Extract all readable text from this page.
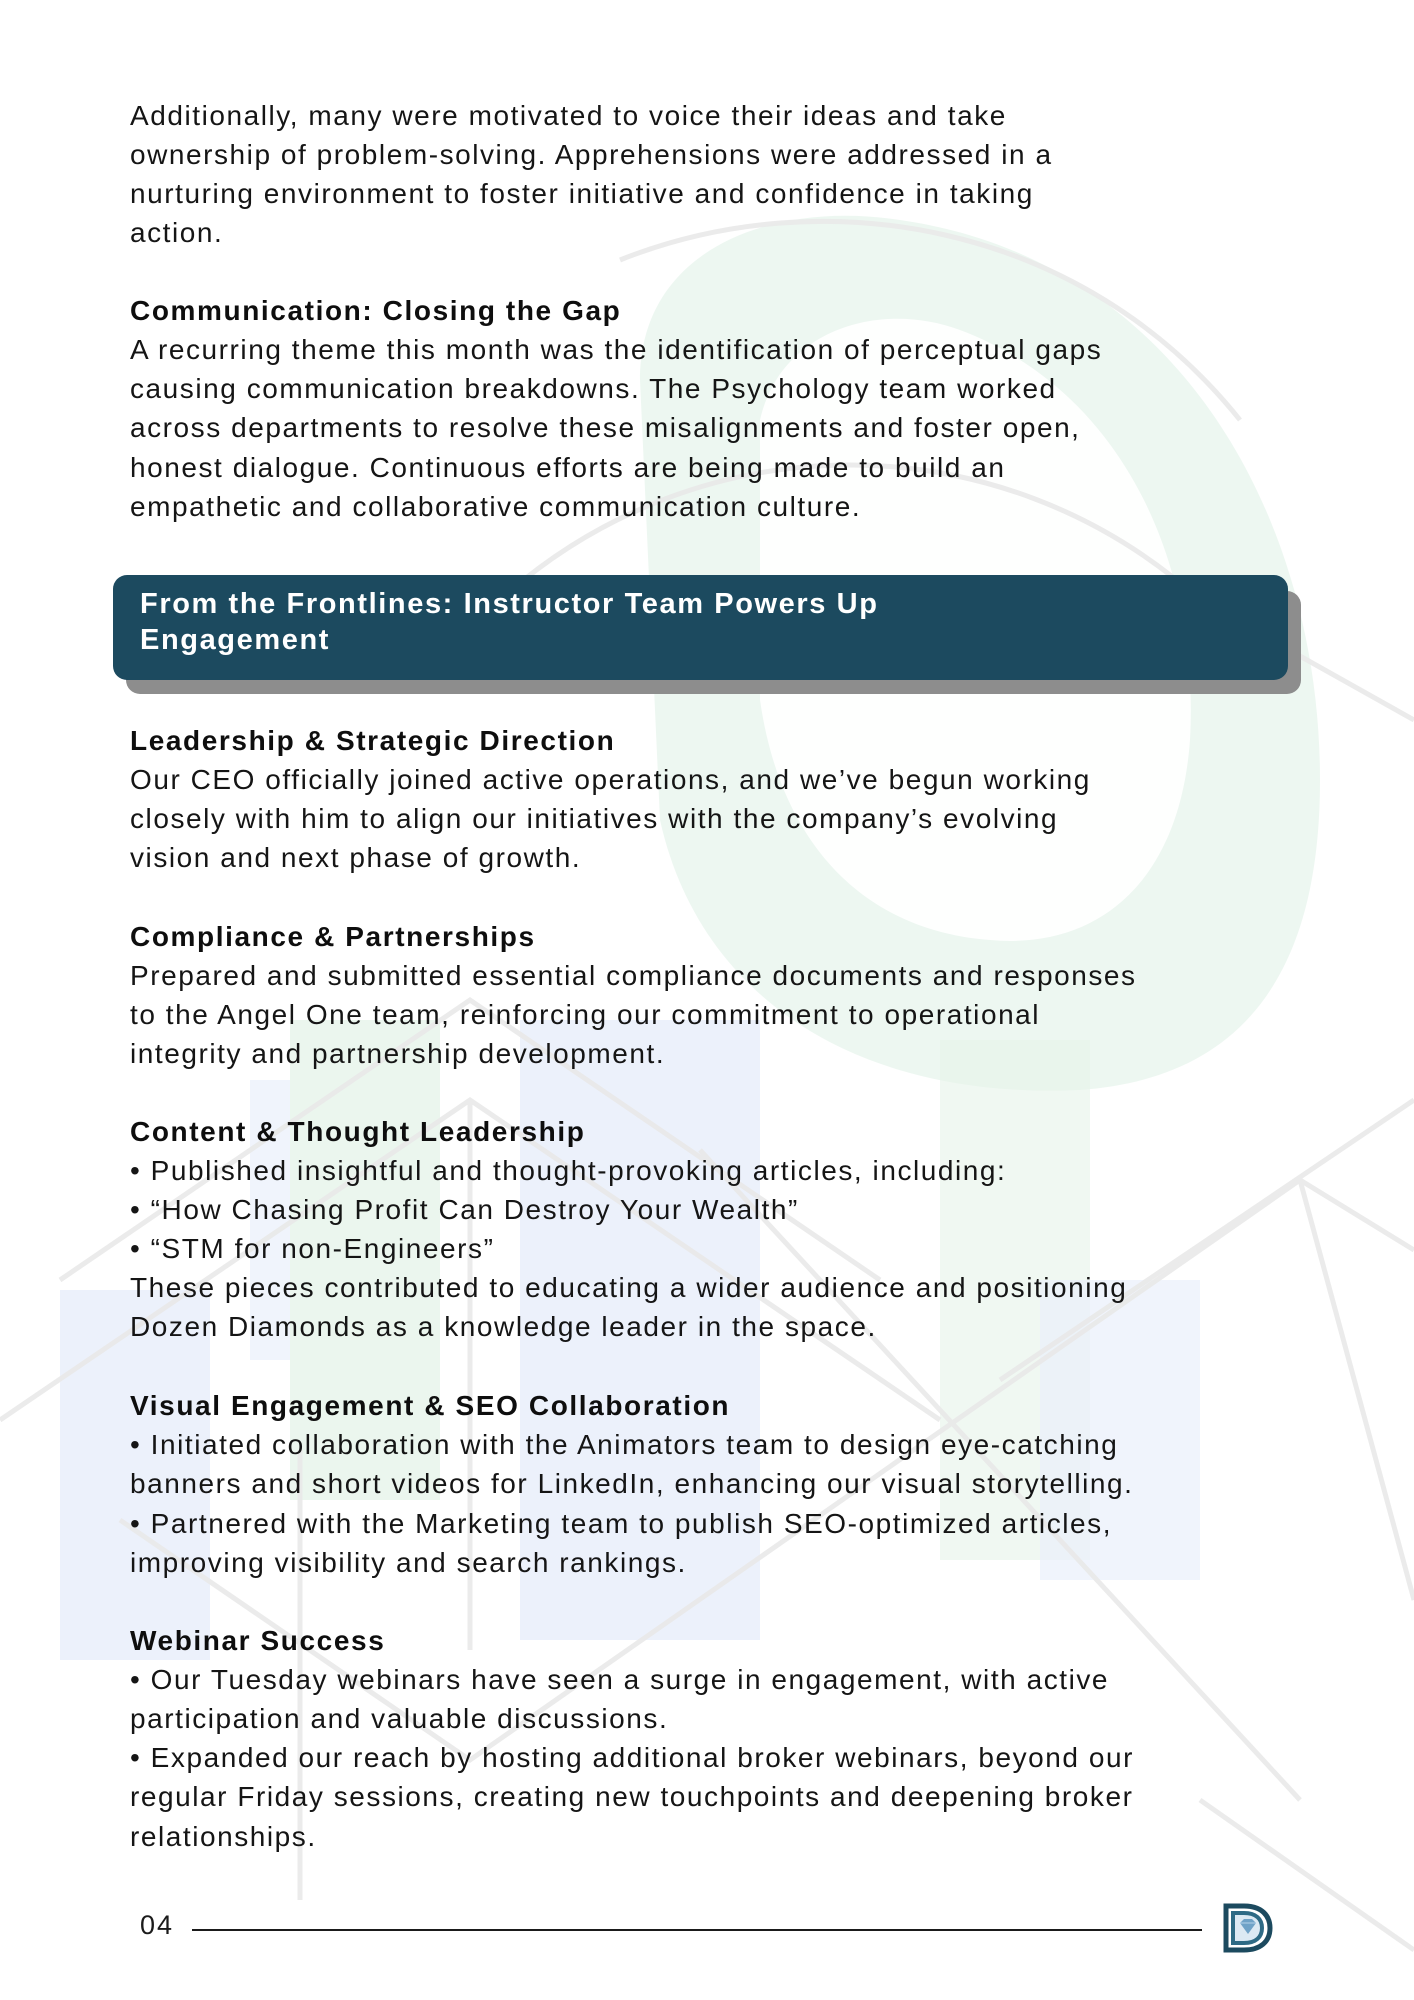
Additionally, many were motivated to voice their ideas and take
ownership of problem-solving. Apprehensions were addressed in a
nurturing environment to foster initiative and confidence in taking
action.
Communication: Closing the Gap
A recurring theme this month was the identification of perceptual gaps
causing communication breakdowns. The Psychology team worked
across departments to resolve these misalignments and foster open,
honest dialogue. Continuous efforts are being made to build an
empathetic and collaborative communication culture.
From the Frontlines: Instructor Team Powers Up
Engagement
Leadership & Strategic Direction
Our CEO officially joined active operations, and we’ve begun working
closely with him to align our initiatives with the company’s evolving
vision and next phase of growth.
Compliance & Partnerships
Prepared and submitted essential compliance documents and responses
to the Angel One team, reinforcing our commitment to operational
integrity and partnership development.
Content & Thought Leadership
• Published insightful and thought-provoking articles, including:
• “How Chasing Profit Can Destroy Your Wealth”
• “STM for non-Engineers”
These pieces contributed to educating a wider audience and positioning
Dozen Diamonds as a knowledge leader in the space.
Visual Engagement & SEO Collaboration
• Initiated collaboration with the Animators team to design eye-catching
banners and short videos for LinkedIn, enhancing our visual storytelling.
• Partnered with the Marketing team to publish SEO-optimized articles,
improving visibility and search rankings.
Webinar Success
• Our Tuesday webinars have seen a surge in engagement, with active
participation and valuable discussions.
• Expanded our reach by hosting additional broker webinars, beyond our
regular Friday sessions, creating new touchpoints and deepening broker
relationships.
04
